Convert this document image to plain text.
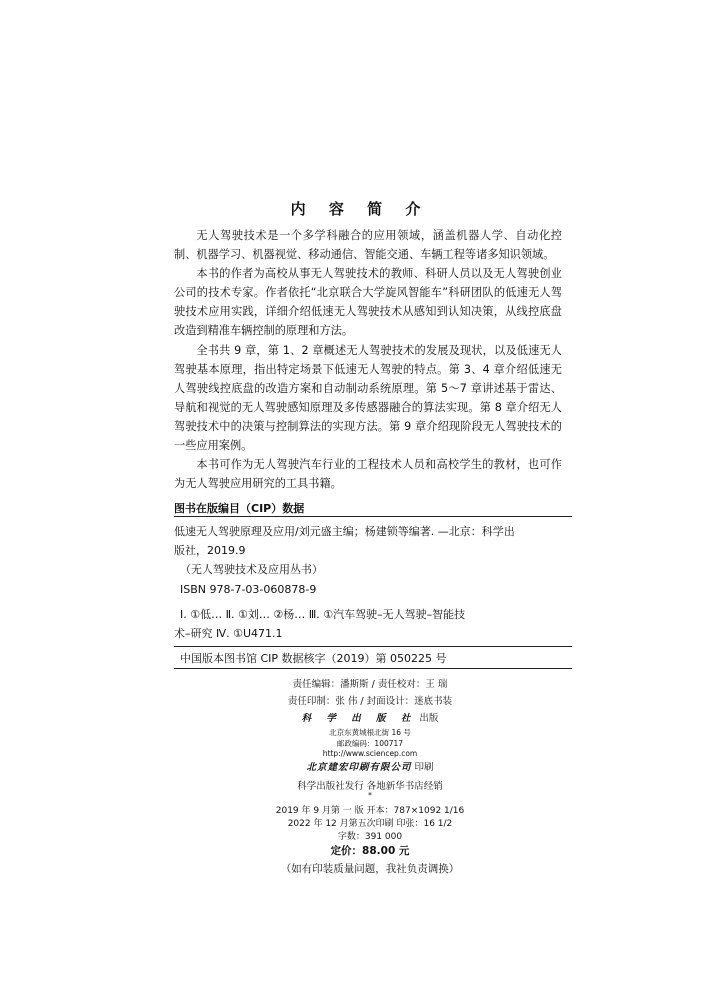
内 容 简 介

无人驾驶技术是一个多学科融合的应用领域，涵盖机器人学、自动化控制、机器学习、机器视觉、移动通信、智能交通、车辆工程等诸多知识领域。

本书的作者为高校从事无人驾驶技术的教师、科研人员以及无人驾驶创业公司的技术专家。作者依托“北京联合大学旋风智能车”科研团队的低速无人驾驶技术应用实践，详细介绍低速无人驾驶技术从感知到认知决策，从线控底盘改造到精准车辆控制的原理和方法。

全书共 9 章，第 1、2 章概述无人驾驶技术的发展及现状，以及低速无人驾驶基本原理，指出特定场景下低速无人驾驶的特点。第 3、4 章介绍低速无人驾驶线控底盘的改造方案和自动制动系统原理。第 5～7 章讲述基于雷达、导航和视觉的无人驾驶感知原理及多传感器融合的算法实现。第 8 章介绍无人驾驶技术中的决策与控制算法的实现方法。第 9 章介绍现阶段无人驾驶技术的一些应用案例。

本书可作为无人驾驶汽车行业的工程技术人员和高校学生的教材，也可作为无人驾驶应用研究的工具书籍。

图书在版编目（CIP）数据
低速无人驾驶原理及应用/刘元盛主编；杨建锁等编著. —北京：科学出
版社，2019.9
（无人驾驶技术及应用丛书）
ISBN 978-7-03-060878-9
Ⅰ. ①低… Ⅱ. ①刘… ②杨… Ⅲ. ①汽车驾驶–无人驾驶–智能技
术–研究 Ⅳ. ①U471.1
中国版本图书馆 CIP 数据核字（2019）第 050225 号
责任编辑：潘斯斯 / 责任校对：王 瑞
责任印制：张 伟 / 封面设计：迷底书装
科 学 出 版 社 出版
北京东黄城根北街 16 号
邮政编码：100717
http://www.sciencep.com
北京建宏印刷有限公司 印刷
科学出版社发行 各地新华书店经销
*
2019 年 9 月第 一 版 开本：787×1092 1/16
2022 年 12 月第五次印刷 印张：16 1/2
字数：391 000
定价：88.00 元
（如有印装质量问题，我社负责调换）
